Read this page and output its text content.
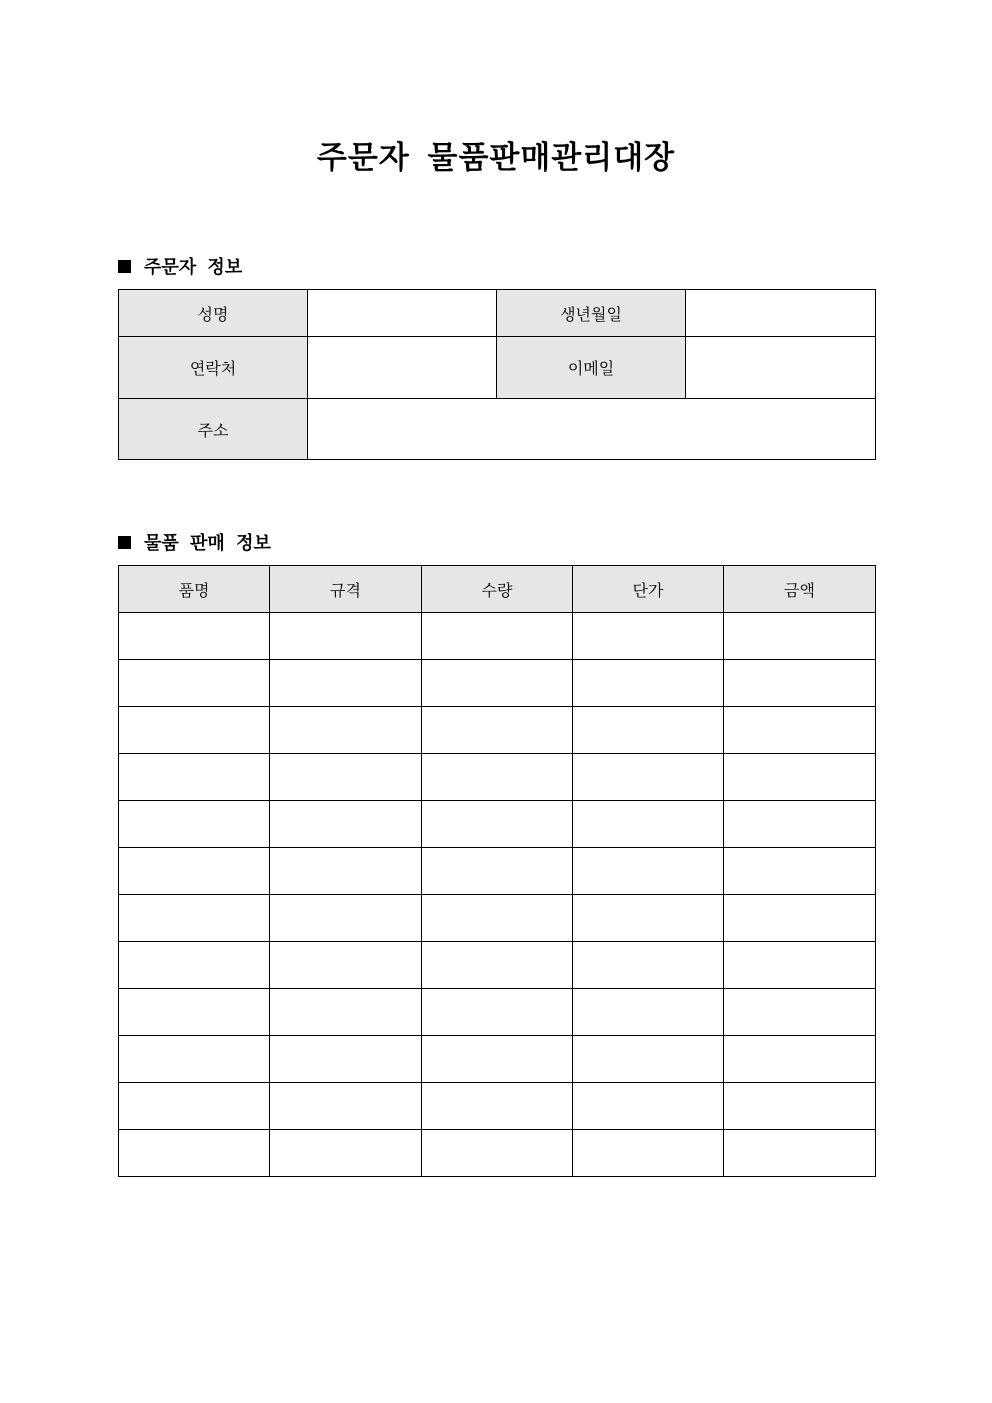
주문자 물품판매관리대장
주문자 정보
성명		생년월일	
연락처		이메일	
주소			
물품 판매 정보
품명	규격	수량	단가	금액
